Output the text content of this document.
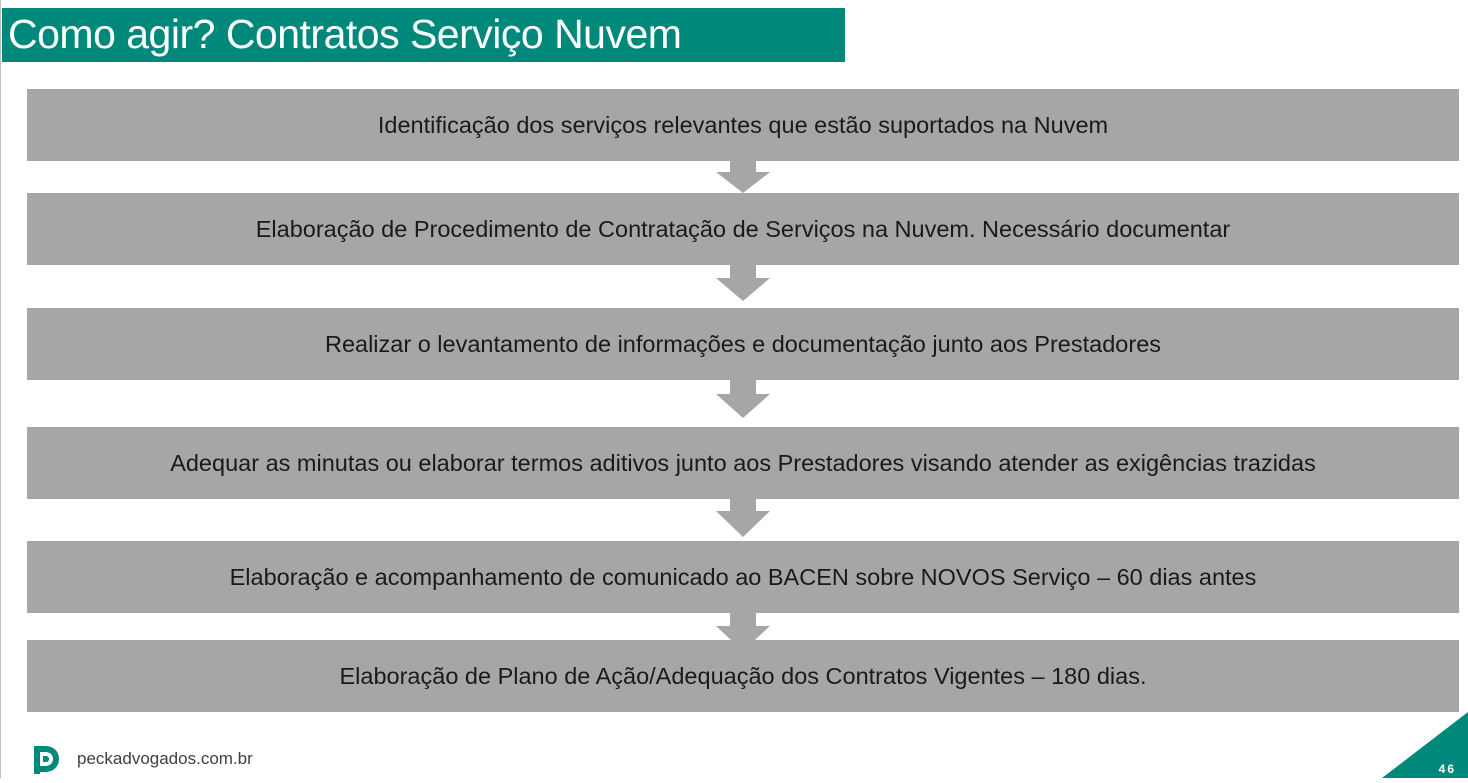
Como agir? Contratos Serviço Nuvem
Identificação dos serviços relevantes que estão suportados na Nuvem
Elaboração de Procedimento de Contratação de Serviços na Nuvem. Necessário documentar
Realizar o levantamento de informações e documentação junto aos Prestadores
Adequar as minutas ou elaborar termos aditivos junto aos Prestadores visando atender as exigências trazidas
Elaboração e acompanhamento de comunicado ao BACEN sobre NOVOS Serviço – 60 dias antes
Elaboração de Plano de Ação/Adequação dos Contratos Vigentes – 180 dias.
peckadvogados.com.br
46
